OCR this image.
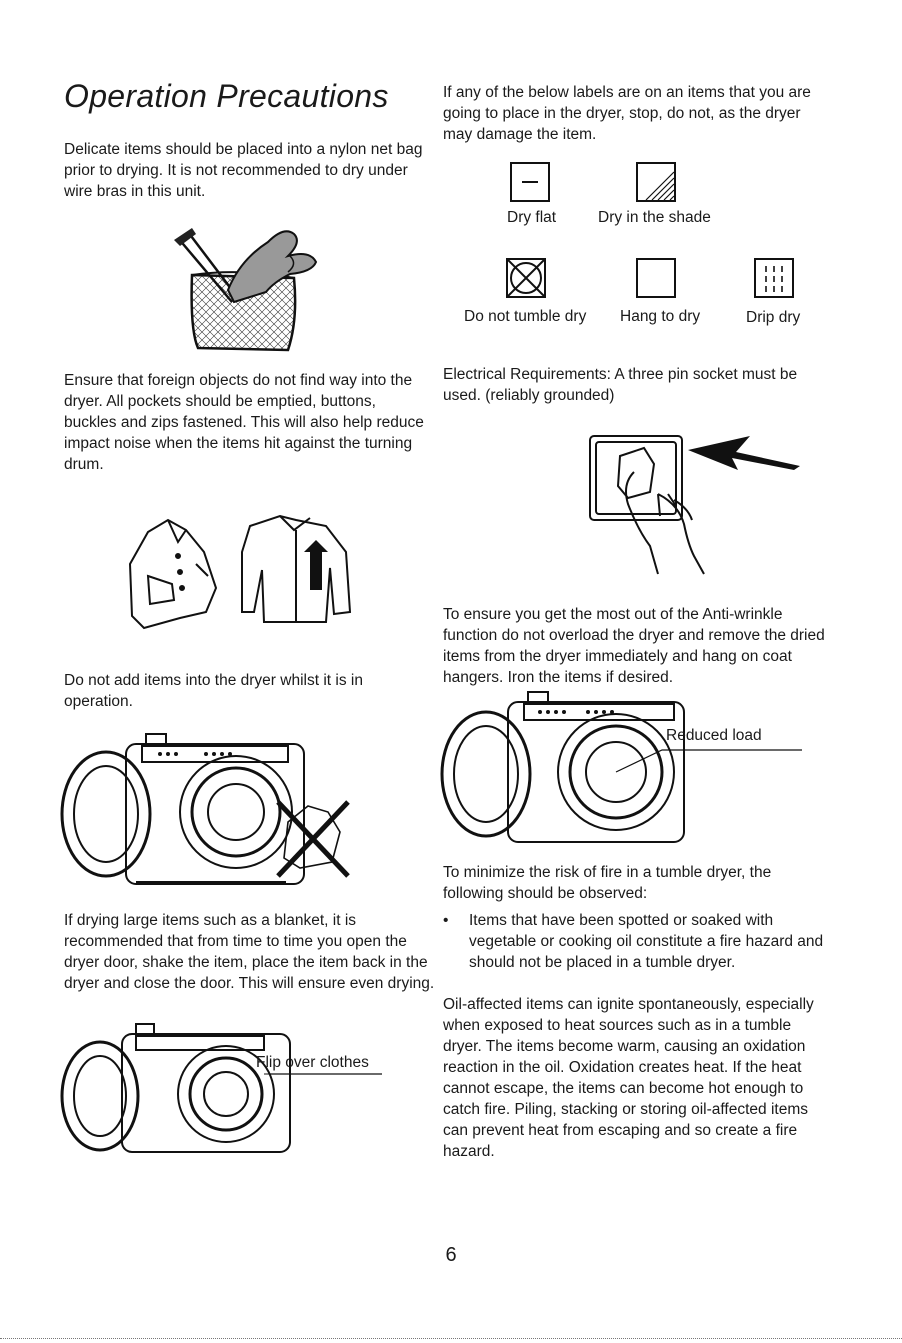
Operation Precautions

Delicate items should be placed into a nylon net bag prior to drying. It is not recommended to dry under wire bras in this unit.

Ensure that foreign objects do not find way into the dryer. All pockets should be emptied, buttons, buckles and zips fastened. This will also help reduce impact noise when the items hit against the turning drum.

Do not add items into the dryer whilst it is in operation.

If drying large items such as a blanket, it is recommended that from time to time you open the dryer door, shake the item, place the item back in the dryer and close the door. This will ensure even drying.

Flip over clothes

If any of the below labels are on an items that you are going to place in the dryer, stop, do not, as the dryer may damage the item.

Dry flat	Dry in the shade
Do not tumble dry Hang to dry	Drip dry

Electrical Requirements: A three pin socket must be used. (reliably grounded)

To ensure you get the most out of the Anti-wrinkle function do not overload the dryer and remove the dried items from the dryer immediately and hang on coat hangers. Iron the items if desired.

Reduced load

To minimize the risk of fire in a tumble dryer, the following should be observed:

• Items that have been spotted or soaked with vegetable or cooking oil constitute a fire hazard and should not be placed in a tumble dryer.

Oil-affected items can ignite spontaneously, especially when exposed to heat sources such as in a tumble dryer. The items become warm, causing an oxidation reaction in the oil. Oxidation creates heat. If the heat cannot escape, the items can become hot enough to catch fire. Piling, stacking or storing oil-affected items can prevent heat from escaping and so create a fire hazard.

6
